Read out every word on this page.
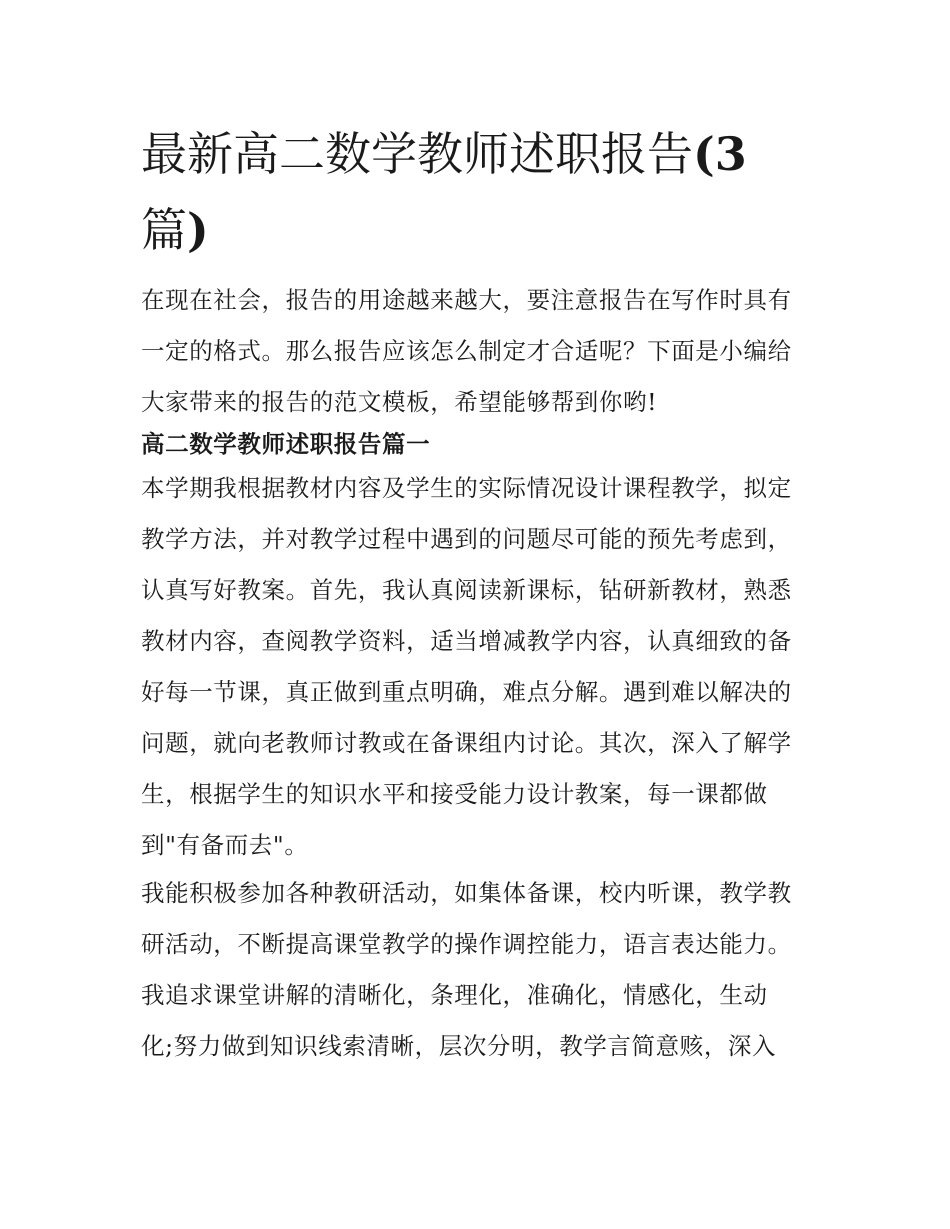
最新高二数学教师述职报告(3
篇)

在现在社会，报告的用途越来越大，要注意报告在写作时具有
一定的格式。那么报告应该怎么制定才合适呢？下面是小编给
大家带来的报告的范文模板，希望能够帮到你哟!

高二数学教师述职报告篇一

本学期我根据教材内容及学生的实际情况设计课程教学，拟定
教学方法，并对教学过程中遇到的问题尽可能的预先考虑到，
认真写好教案。首先，我认真阅读新课标，钻研新教材，熟悉
教材内容，查阅教学资料，适当增减教学内容，认真细致的备
好每一节课，真正做到重点明确，难点分解。遇到难以解决的
问题，就向老教师讨教或在备课组内讨论。其次，深入了解学
生，根据学生的知识水平和接受能力设计教案，每一课都做
到"有备而去"。

我能积极参加各种教研活动，如集体备课，校内听课，教学教
研活动，不断提高课堂教学的操作调控能力，语言表达能力。
我追求课堂讲解的清晰化，条理化，准确化，情感化，生动
化;努力做到知识线索清晰，层次分明，教学言简意赅，深入
